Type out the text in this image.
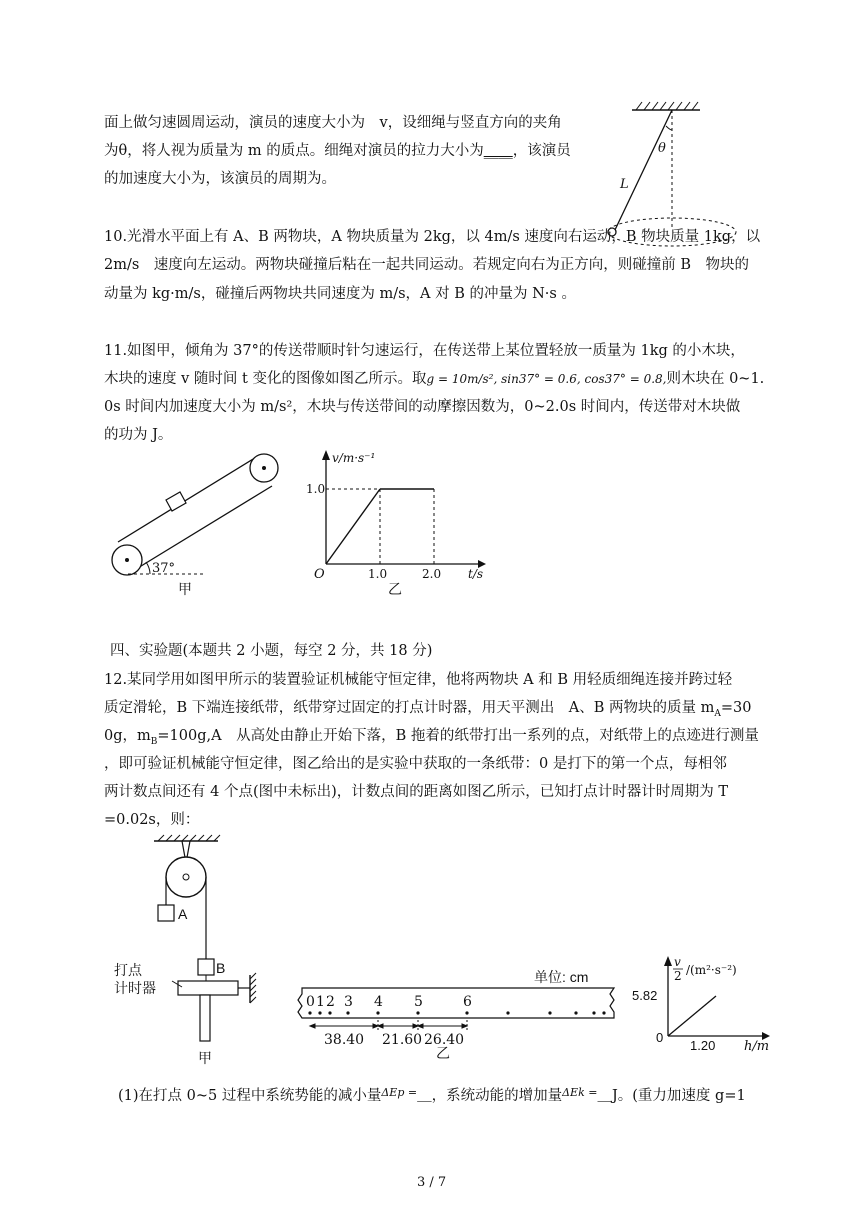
面上做匀速圆周运动，演员的速度大小为　v，设细绳与竖直方向的夹角
为θ，将人视为质量为 m 的质点。细绳对演员的拉力大小为____，该演员
的加速度大小为，该演员的周期为。
θ
L
10.光滑水平面上有 A、B 两物块，A 物块质量为 2kg，以 4m/s 速度向右运动，B 物块质量 1kg，以
2m/s　速度向左运动。两物块碰撞后粘在一起共同运动。若规定向右为正方向，则碰撞前 B　物块的
动量为 kg·m/s，碰撞后两物块共同速度为 m/s，A 对 B 的冲量为 N·s 。
11.如图甲，倾角为 37°的传送带顺时针匀速运行，在传送带上某位置轻放一质量为 1kg 的小木块，
木块的速度 v 随时间 t 变化的图像如图乙所示。取g = 10m/s², sin37° = 0.6, cos37° = 0.8,则木块在 0~1.
0s 时间内加速度大小为 m/s²，木块与传送带间的动摩擦因数为，0~2.0s 时间内，传送带对木块做
的功为 J。
37°
甲
v/m·s⁻¹
1.0
O	1.0	2.0 t/s
乙
四、实验题(本题共 2 小题，每空 2 分，共 18 分)
12.某同学用如图甲所示的装置验证机械能守恒定律，他将两物块 A 和 B 用轻质细绳连接并跨过轻
质定滑轮，B 下端连接纸带，纸带穿过固定的打点计时器，用天平测出　A、B 两物块的质量 $m_A=30$
0g，$m_B=100g,A$　从高处由静止开始下落，B 拖着的纸带打出一系列的点，对纸带上的点迹进行测量
，即可验证机械能守恒定律，图乙给出的是实验中获取的一条纸带：0 是打下的第一个点，每相邻
两计数点间还有 4 个点(图中未标出)，计数点间的距离如图乙所示，已知打点计时器计时周期为 T
=0.02s，则：
A
B
打点
计时器
甲
单位: cm
0 1 2 3 4 5	6
38.40 21.60 26.40
乙
v
2 /(m²·s⁻²)
5.82
0
1.20 h/m
(1)在打点 0~5 过程中系统势能的减小量$^{\Delta Ep =}$＿，系统动能的增加量$^{\Delta Ek =}$＿J。(重力加速度 g=1
3 / 7
